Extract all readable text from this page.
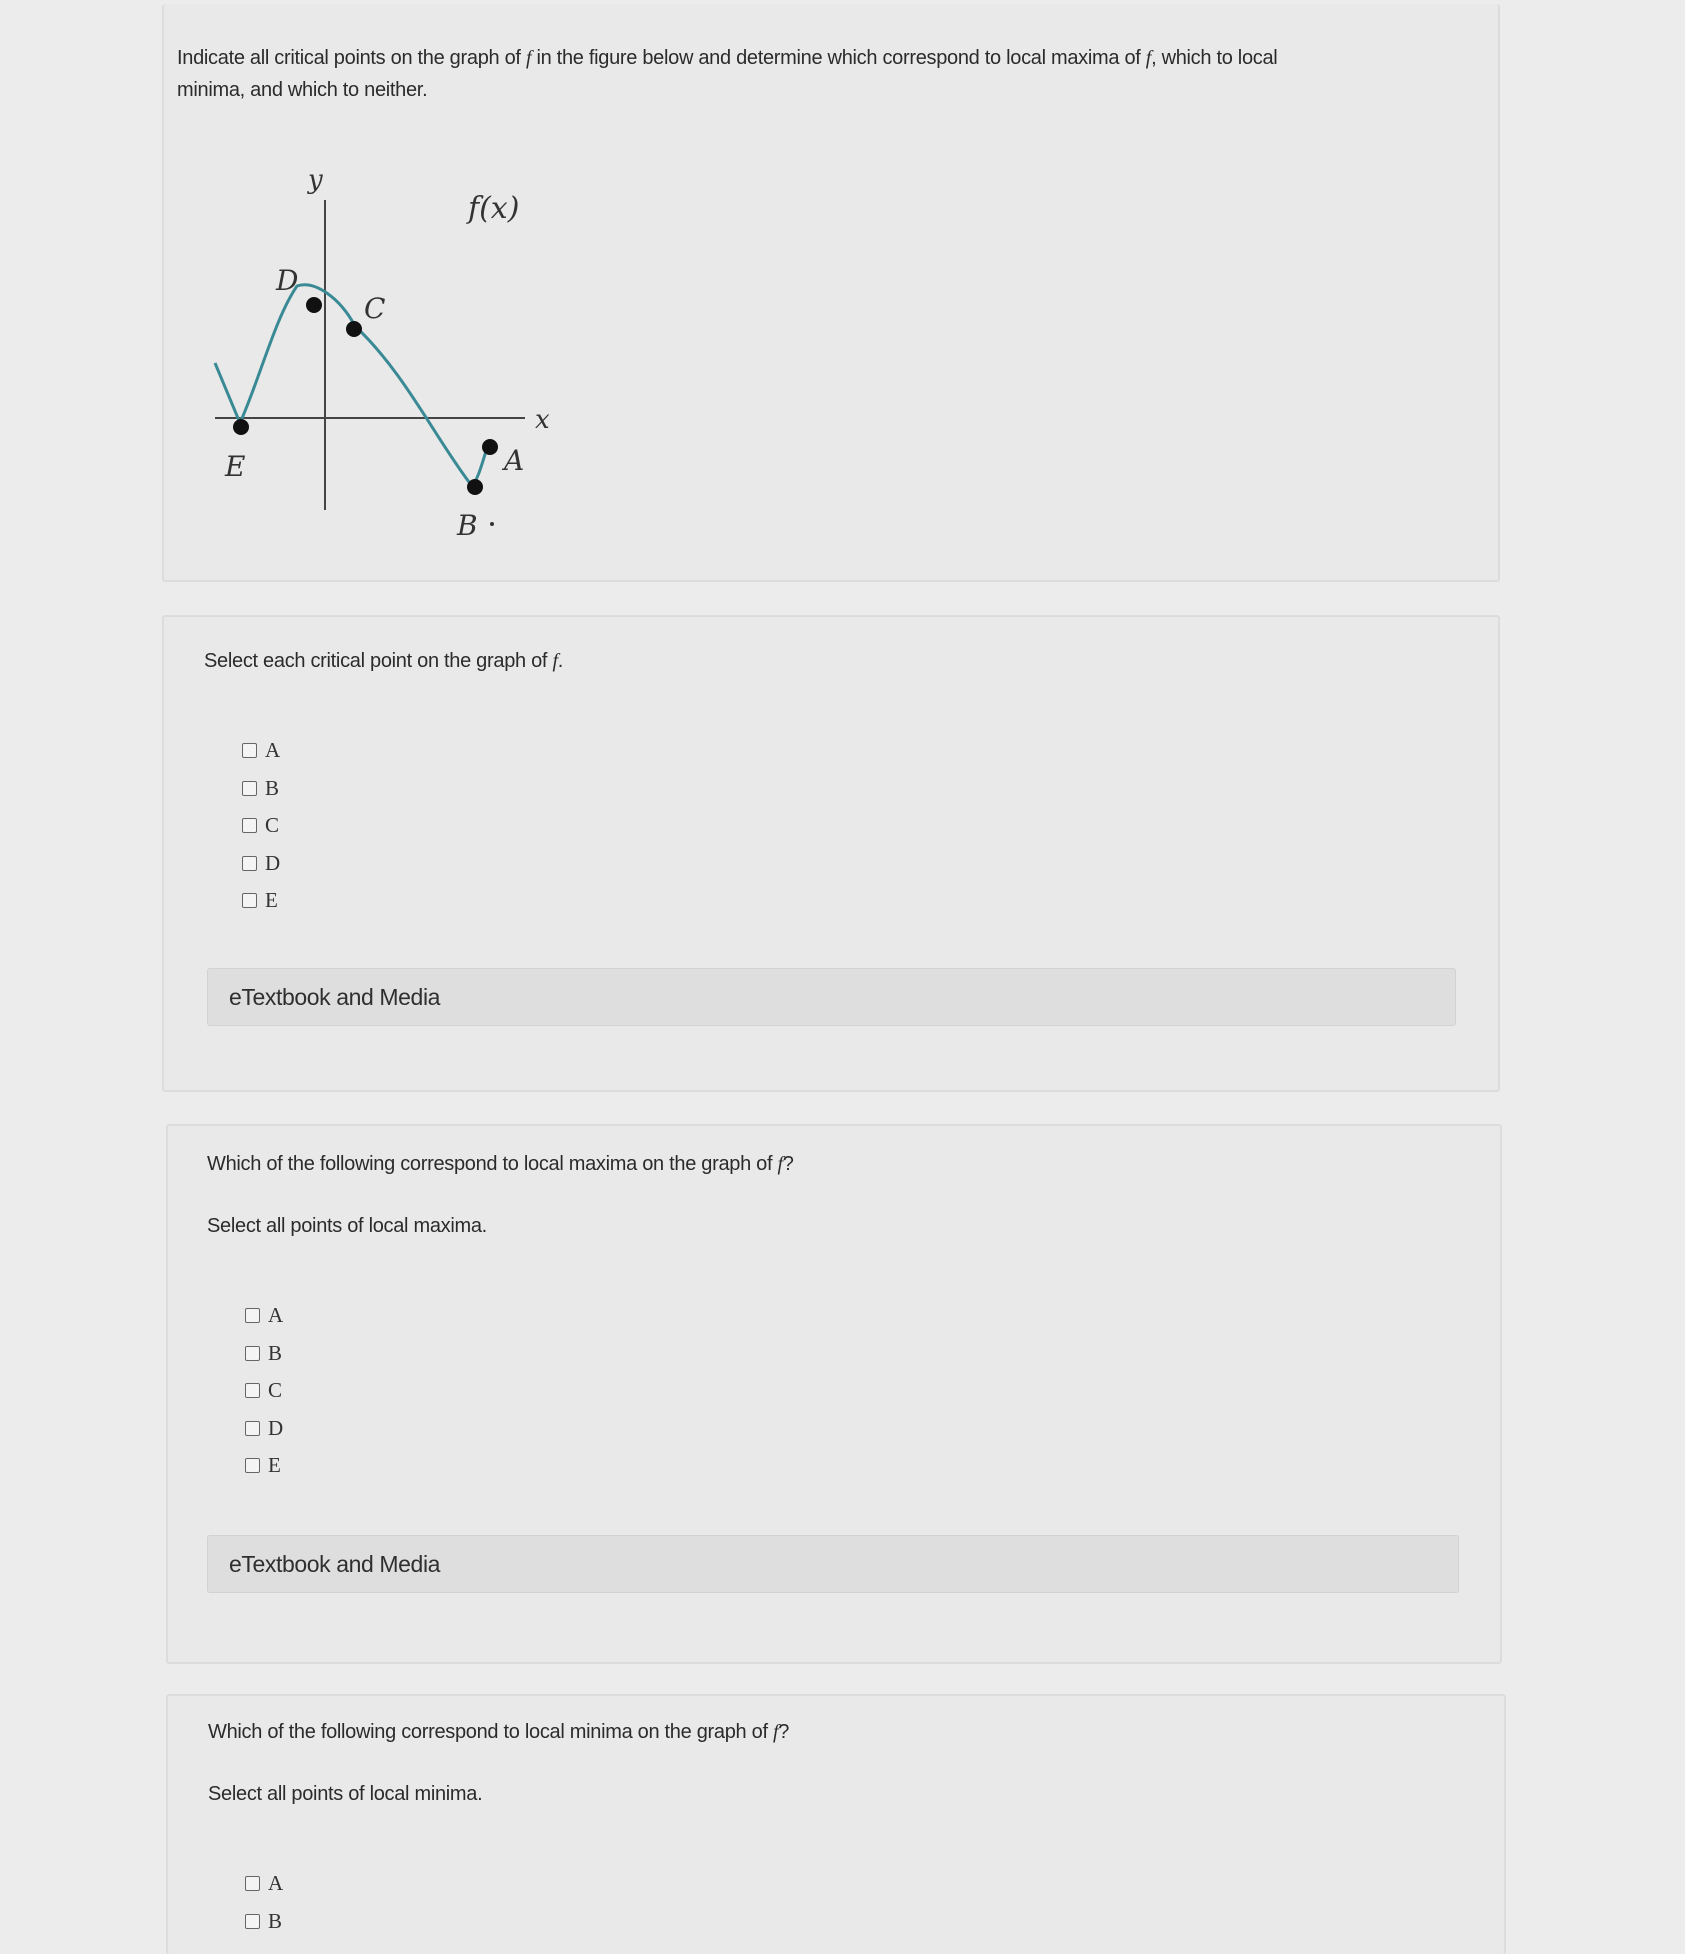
Indicate all critical points on the graph of f in the figure below and determine which correspond to local maxima of f, which to local
minima, and which to neither.
y
x
f(x)
E
D
C
A
B
Select each critical point on the graph of f.
A
B
C
D
E
eTextbook and Media
Which of the following correspond to local maxima on the graph of f?
Select all points of local maxima.
A
B
C
D
E
eTextbook and Media
Which of the following correspond to local minima on the graph of f?
Select all points of local minima.
A
B
